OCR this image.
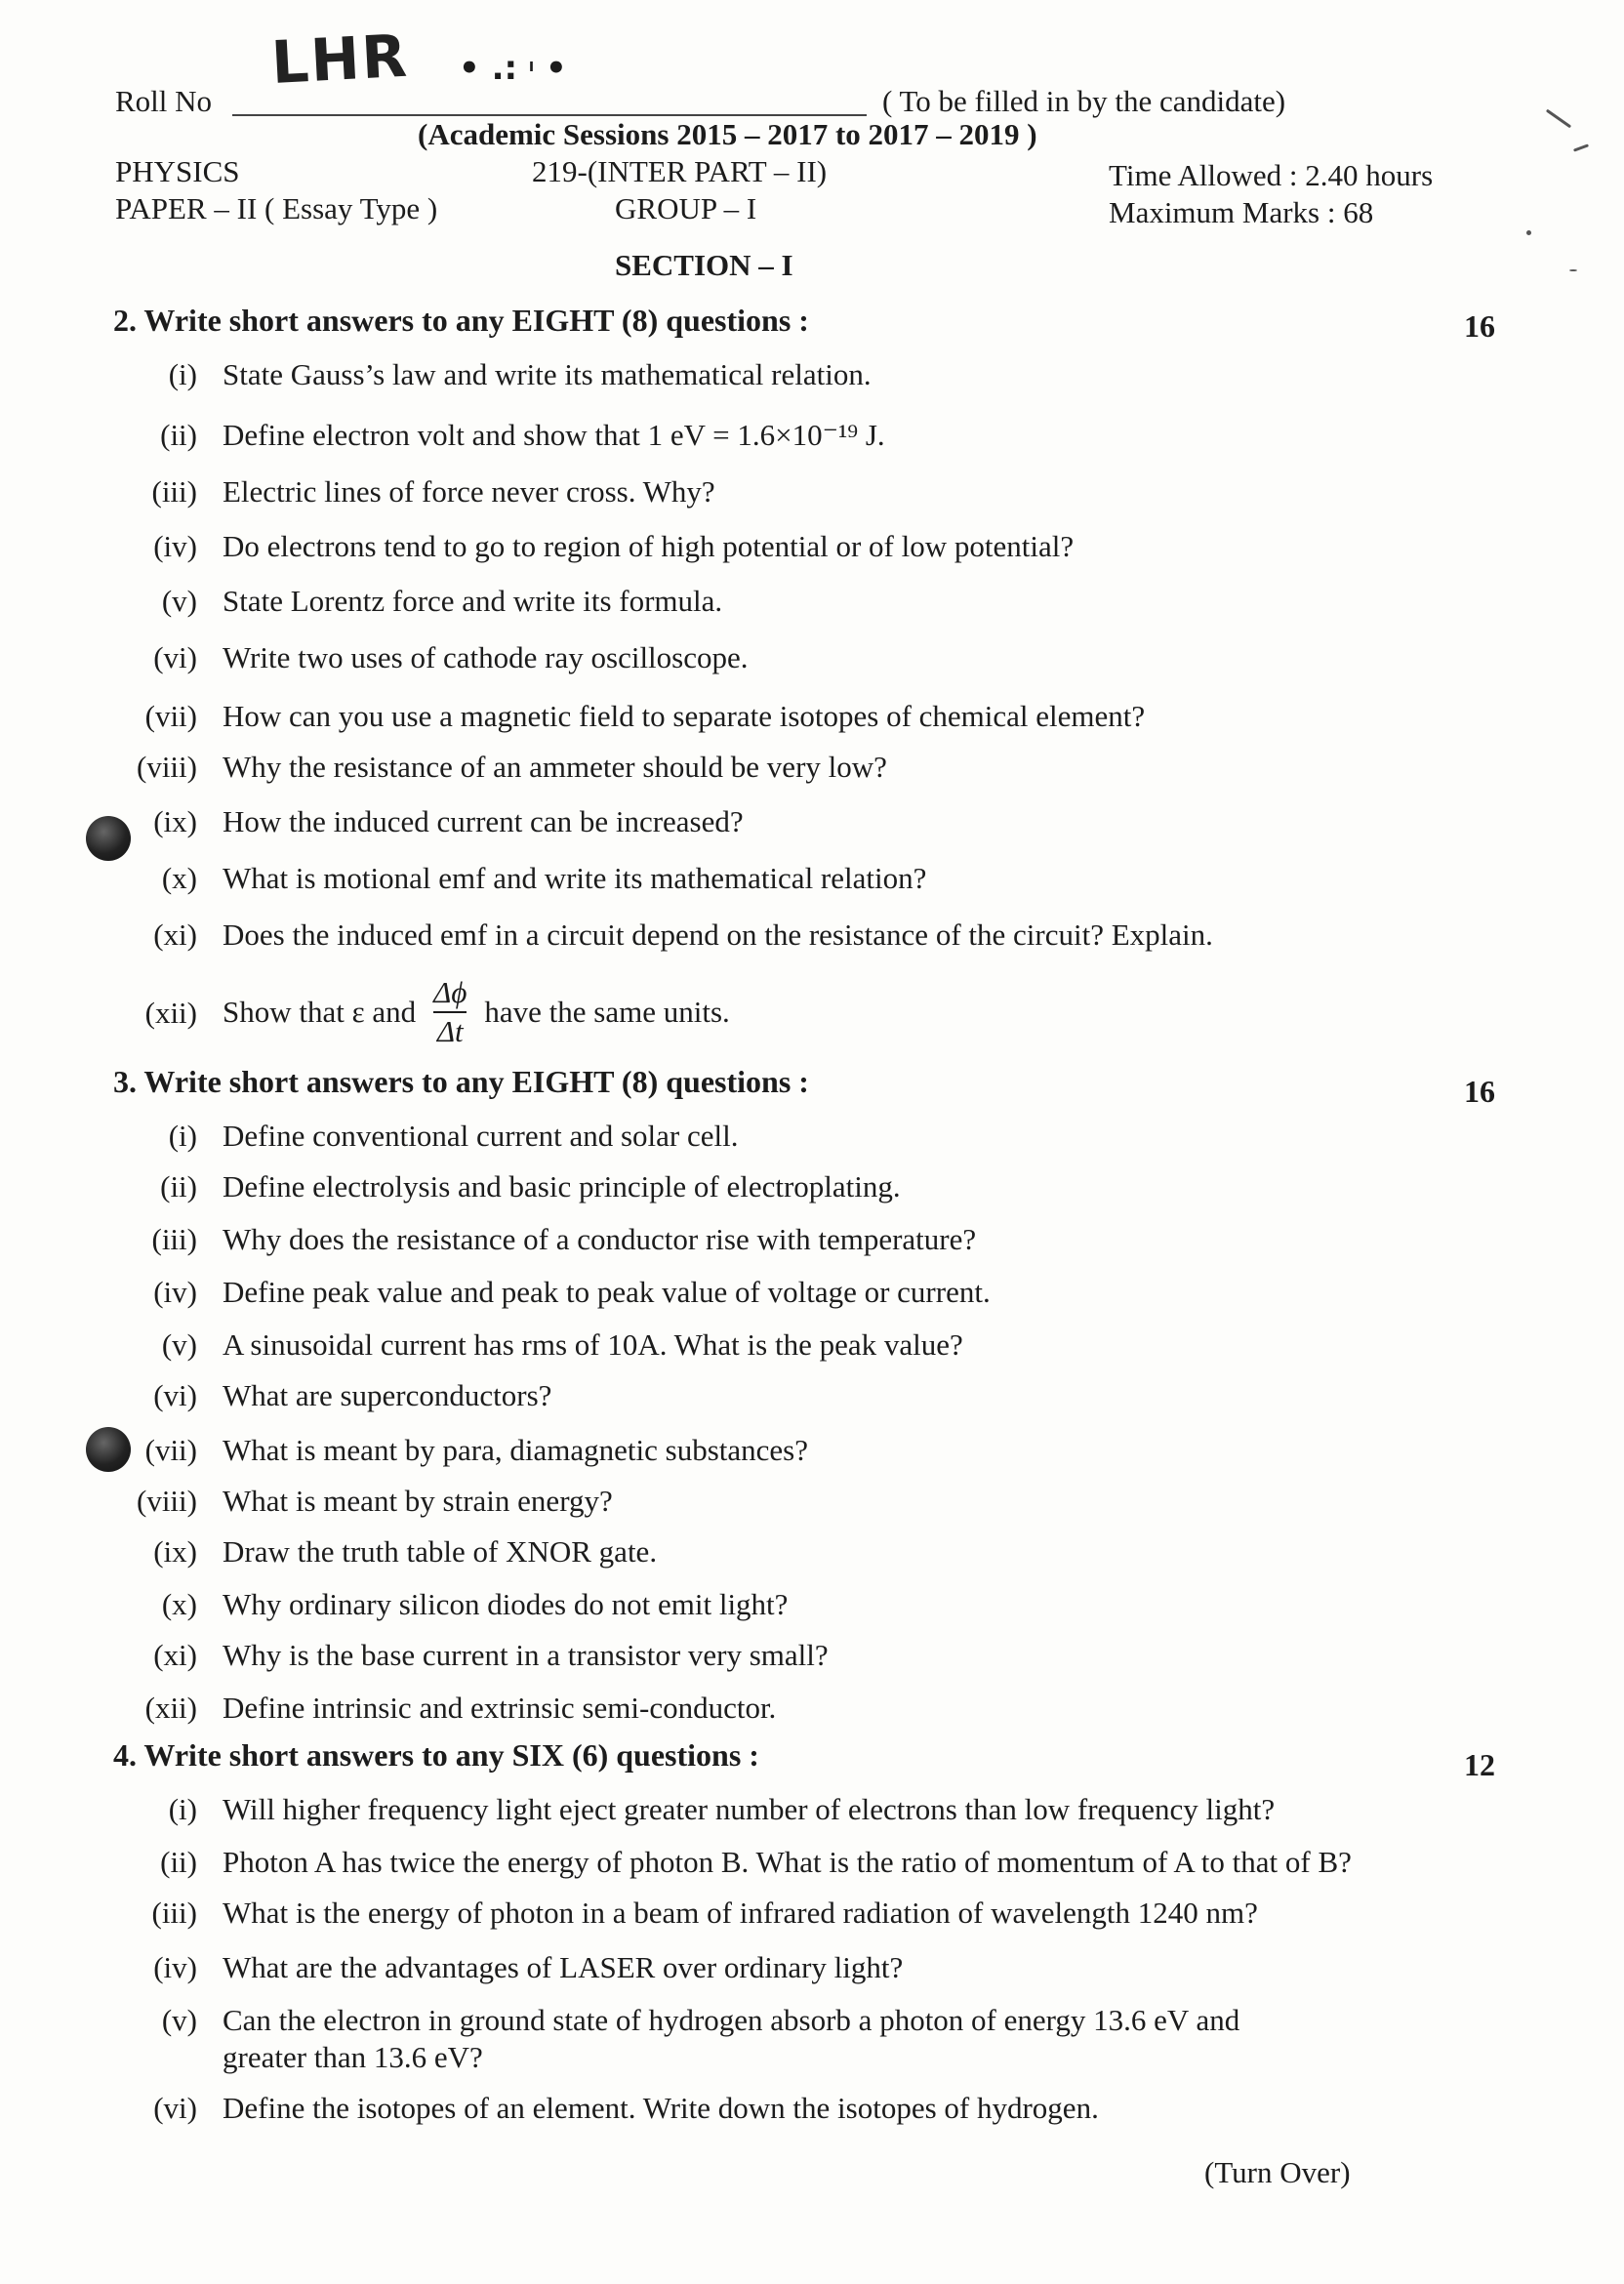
Roll No
LHR • .: ˡ •
( To be filled in by the candidate)
(Academic Sessions 2015 – 2017 to 2017 – 2019 )
PHYSICS	219-(INTER PART – II)	Time Allowed : 2.40 hours
PAPER – II ( Essay Type )	GROUP – I	Maximum Marks : 68
SECTION – I
2. Write short answers to any EIGHT (8) questions :	16
(i) State Gauss’s law and write its mathematical relation.
(ii) Define electron volt and show that 1 eV = 1.6×10⁻¹⁹ J.
(iii) Electric lines of force never cross. Why?
(iv) Do electrons tend to go to region of high potential or of low potential?
(v) State Lorentz force and write its formula.
(vi) Write two uses of cathode ray oscilloscope.
(vii) How can you use a magnetic field to separate isotopes of chemical element?
(viii) Why the resistance of an ammeter should be very low?
(ix) How the induced current can be increased?
(x) What is motional emf and write its mathematical relation?
(xi) Does the induced emf in a circuit depend on the resistance of the circuit? Explain.
(xii) Show that ε and $\frac{\Delta\phi}{\Delta t}$ have the same units.
3. Write short answers to any EIGHT (8) questions :	16
(i) Define conventional current and solar cell.
(ii) Define electrolysis and basic principle of electroplating.
(iii) Why does the resistance of a conductor rise with temperature?
(iv) Define peak value and peak to peak value of voltage or current.
(v) A sinusoidal current has rms of 10A. What is the peak value?
(vi) What are superconductors?
(vii) What is meant by para, diamagnetic substances?
(viii) What is meant by strain energy?
(ix) Draw the truth table of XNOR gate.
(x) Why ordinary silicon diodes do not emit light?
(xi) Why is the base current in a transistor very small?
(xii) Define intrinsic and extrinsic semi-conductor.
4. Write short answers to any SIX (6) questions :	12
(i) Will higher frequency light eject greater number of electrons than low frequency light?
(ii) Photon A has twice the energy of photon B. What is the ratio of momentum of A to that of B?
(iii) What is the energy of photon in a beam of infrared radiation of wavelength 1240 nm?
(iv) What are the advantages of LASER over ordinary light?
(v) Can the electron in ground state of hydrogen absorb a photon of energy 13.6 eV and
greater than 13.6 eV?
(vi) Define the isotopes of an element. Write down the isotopes of hydrogen.
(Turn Over)
